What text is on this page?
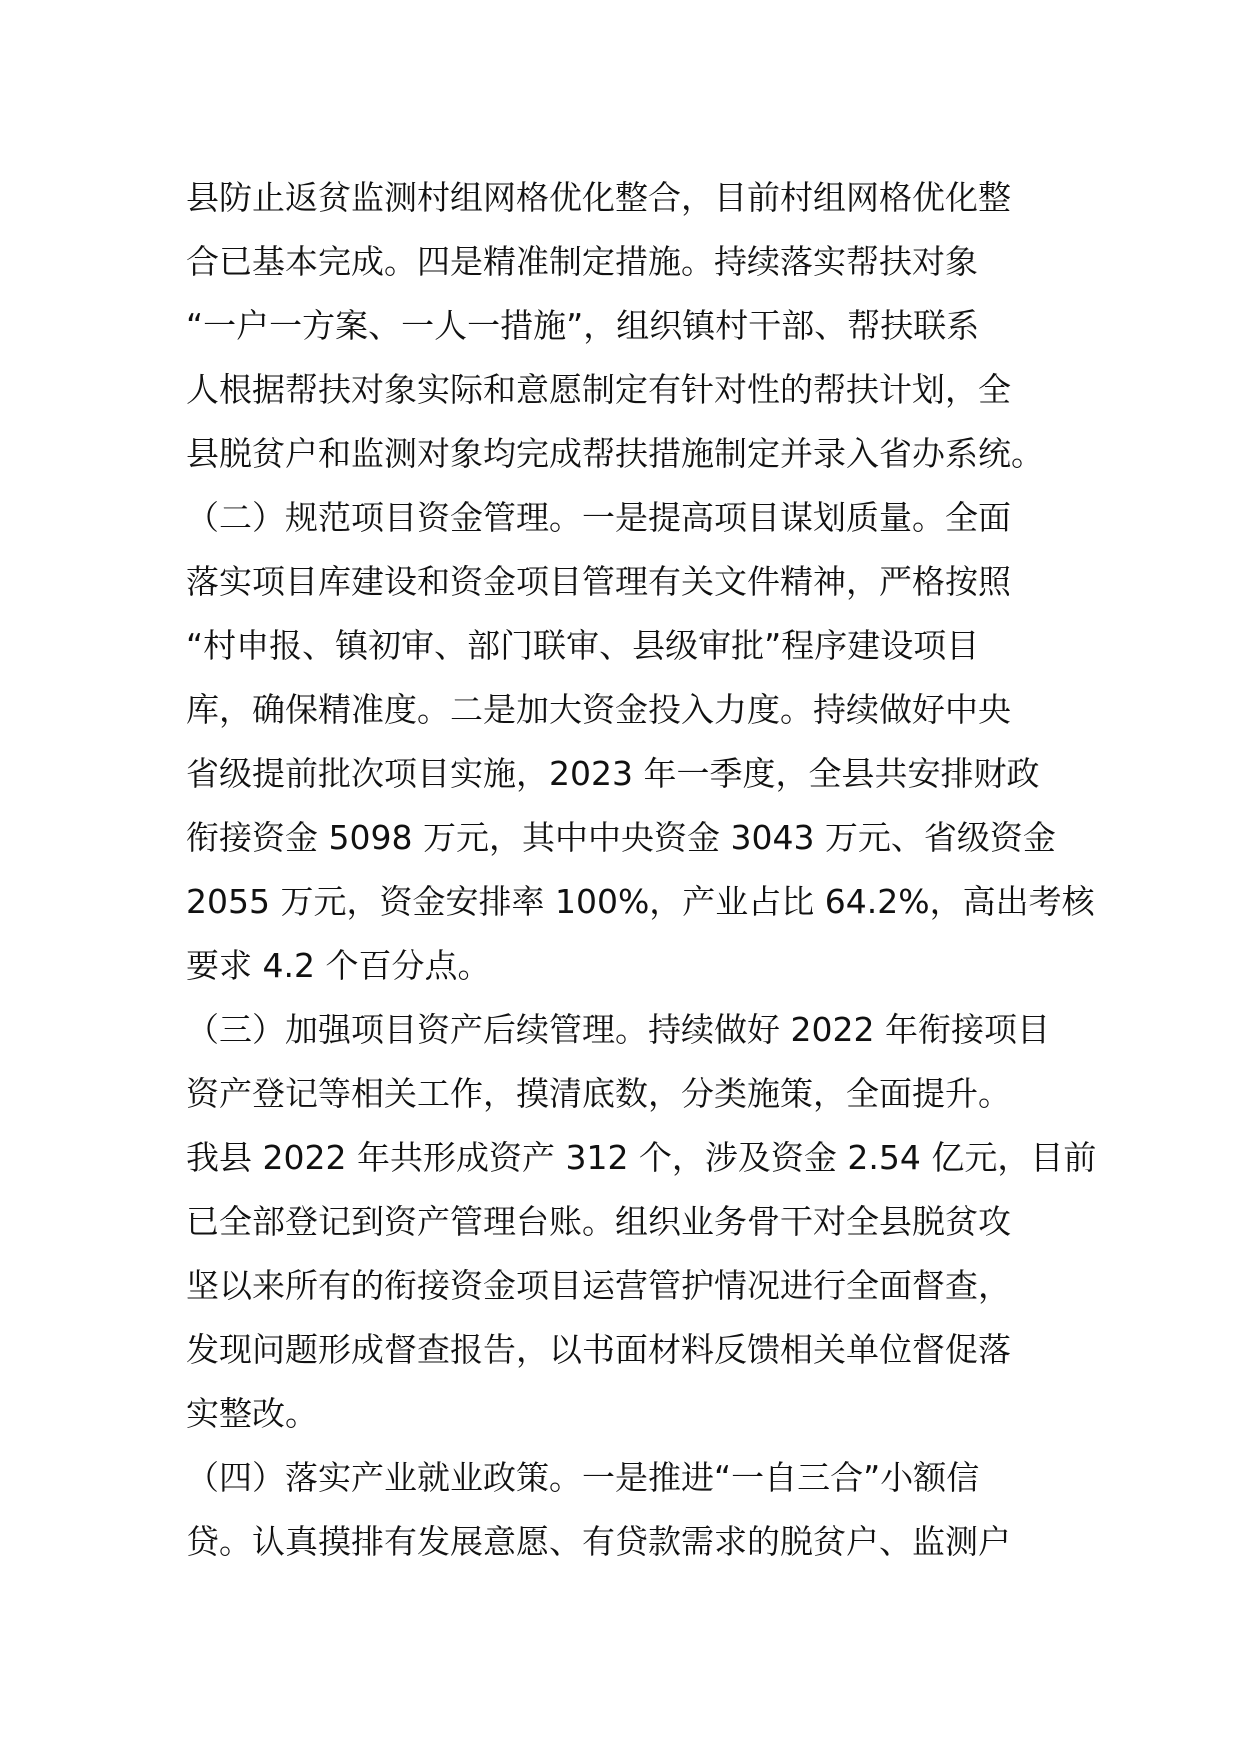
县防止返贫监测村组网格优化整合，目前村组网格优化整
合已基本完成。四是精准制定措施。持续落实帮扶对象
“一户一方案、一人一措施”，组织镇村干部、帮扶联系
人根据帮扶对象实际和意愿制定有针对性的帮扶计划，全
县脱贫户和监测对象均完成帮扶措施制定并录入省办系统。
（二）规范项目资金管理。一是提高项目谋划质量。全面
落实项目库建设和资金项目管理有关文件精神，严格按照
“村申报、镇初审、部门联审、县级审批”程序建设项目
库，确保精准度。二是加大资金投入力度。持续做好中央
省级提前批次项目实施，2023 年一季度，全县共安排财政
衔接资金 5098 万元，其中中央资金 3043 万元、省级资金
2055 万元，资金安排率 100%，产业占比 64.2%，高出考核
要求 4.2 个百分点。
（三）加强项目资产后续管理。持续做好 2022 年衔接项目
资产登记等相关工作，摸清底数，分类施策，全面提升。
我县 2022 年共形成资产 312 个，涉及资金 2.54 亿元，目前
已全部登记到资产管理台账。组织业务骨干对全县脱贫攻
坚以来所有的衔接资金项目运营管护情况进行全面督查，
发现问题形成督查报告，以书面材料反馈相关单位督促落
实整改。
（四）落实产业就业政策。一是推进“一自三合”小额信
贷。认真摸排有发展意愿、有贷款需求的脱贫户、监测户
